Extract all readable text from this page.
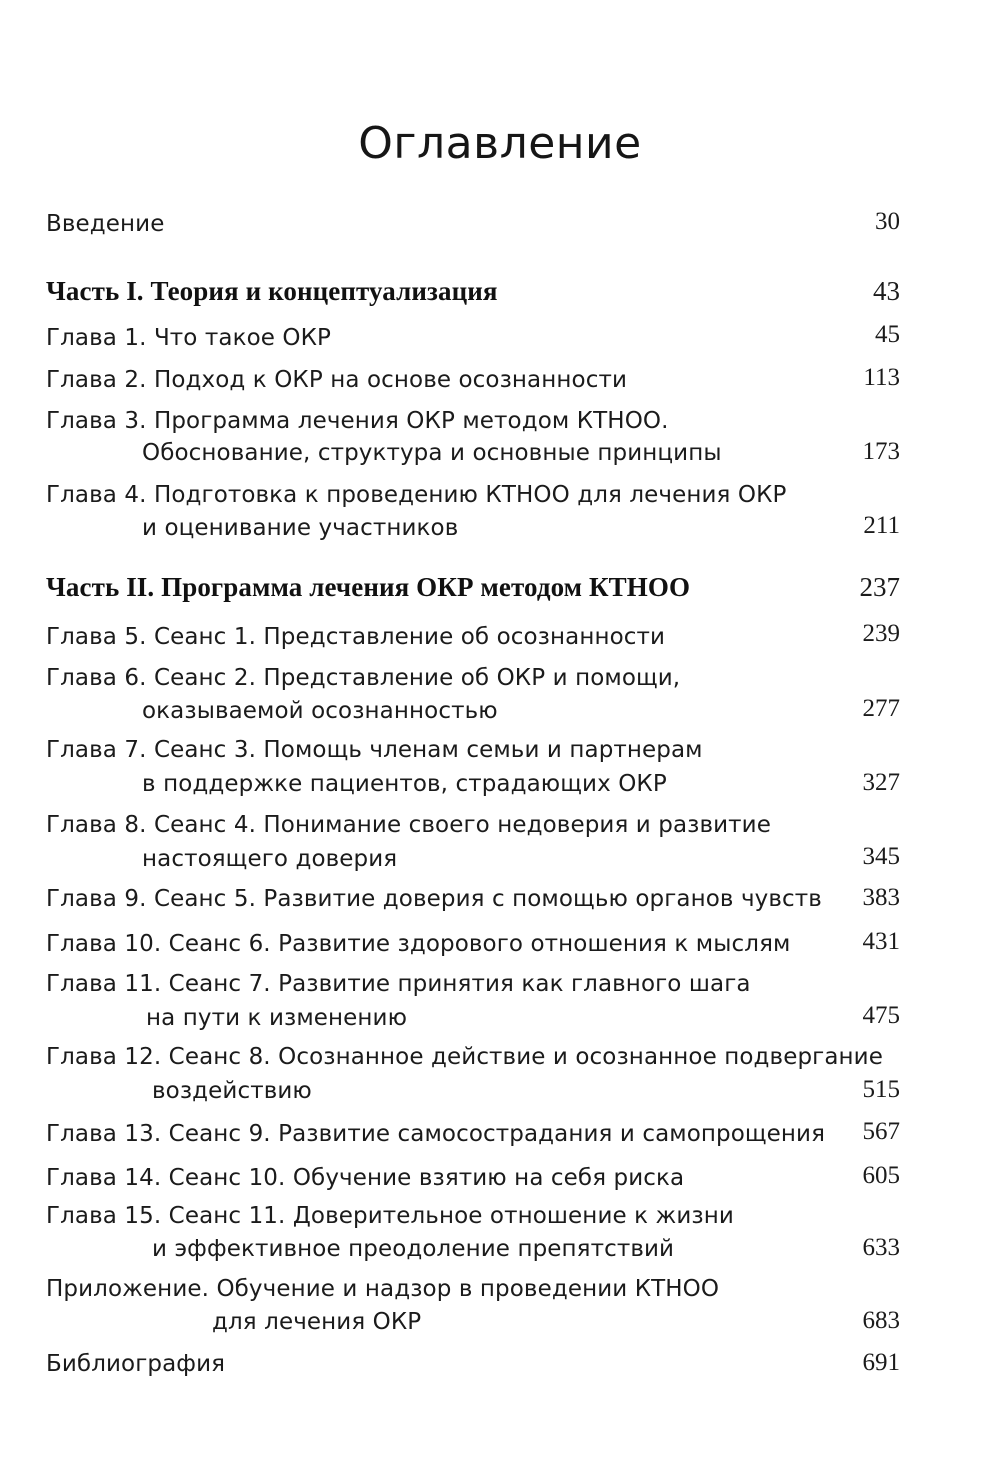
Оглавление
Введение	30
Часть I. Теория и концептуализация	43
Глава 1. Что такое ОКР	45
Глава 2. Подход к ОКР на основе осознанности	113
Глава 3. Программа лечения ОКР методом КТНОО.
Обоснование, структура и основные принципы	173
Глава 4. Подготовка к проведению КТНОО для лечения ОКР
и оценивание участников	211
Часть II. Программа лечения ОКР методом КТНОО	237
Глава 5. Сеанс 1. Представление об осознанности	239
Глава 6. Сеанс 2. Представление об ОКР и помощи,
оказываемой осознанностью	277
Глава 7. Сеанс 3. Помощь членам семьи и партнерам
в поддержке пациентов, страдающих ОКР	327
Глава 8. Сеанс 4. Понимание своего недоверия и развитие
настоящего доверия	345
Глава 9. Сеанс 5. Развитие доверия с помощью органов чувств 383
Глава 10. Сеанс 6. Развитие здорового отношения к мыслям	431
Глава 11. Сеанс 7. Развитие принятия как главного шага
на пути к изменению	475
Глава 12. Сеанс 8. Осознанное действие и осознанное подвергание
воздействию	515
Глава 13. Сеанс 9. Развитие самосострадания и самопрощения 567
Глава 14. Сеанс 10. Обучение взятию на себя риска	605
Глава 15. Сеанс 11. Доверительное отношение к жизни
и эффективное преодоление препятствий	633
Приложение. Обучение и надзор в проведении КТНОО
для лечения ОКР	683
Библиография	691
